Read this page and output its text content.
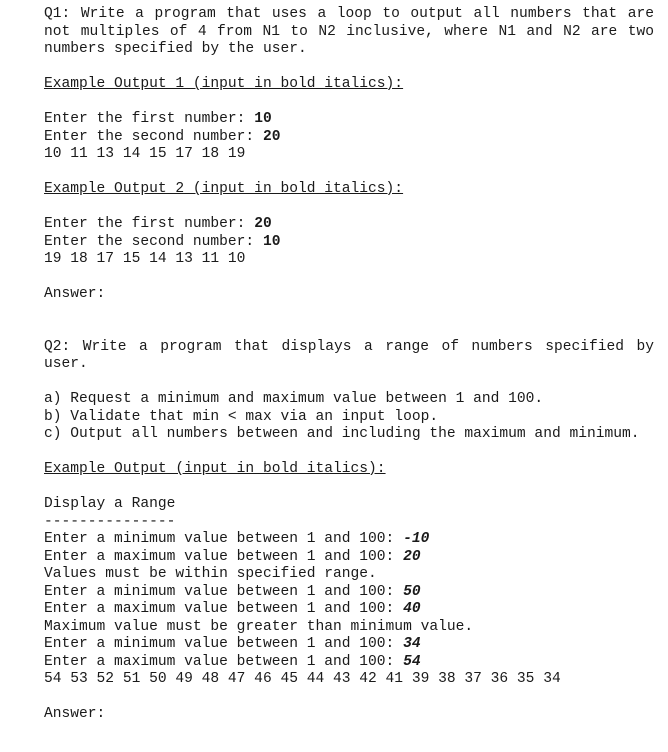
Q1: Write a program that uses a loop to output all numbers that are not multiples of 4 from N1 to N2 inclusive, where N1 and N2 are two numbers specified by the user.
Example Output 1 (input in bold italics):
Enter the first number: 10
Enter the second number: 20
10 11 13 14 15 17 18 19
Example Output 2 (input in bold italics):
Enter the first number: 20
Enter the second number: 10
19 18 17 15 14 13 11 10
Answer:
Q2: Write a program that displays a range of numbers specified by user.
a) Request a minimum and maximum value between 1 and 100.
b) Validate that min < max via an input loop.
c) Output all numbers between and including the maximum and minimum.
Example Output (input in bold italics):
Display a Range
---------------
Enter a minimum value between 1 and 100: -10
Enter a maximum value between 1 and 100: 20
Values must be within specified range.
Enter a minimum value between 1 and 100: 50
Enter a maximum value between 1 and 100: 40
Maximum value must be greater than minimum value.
Enter a minimum value between 1 and 100: 34
Enter a maximum value between 1 and 100: 54
54 53 52 51 50 49 48 47 46 45 44 43 42 41 39 38 37 36 35 34
Answer:
